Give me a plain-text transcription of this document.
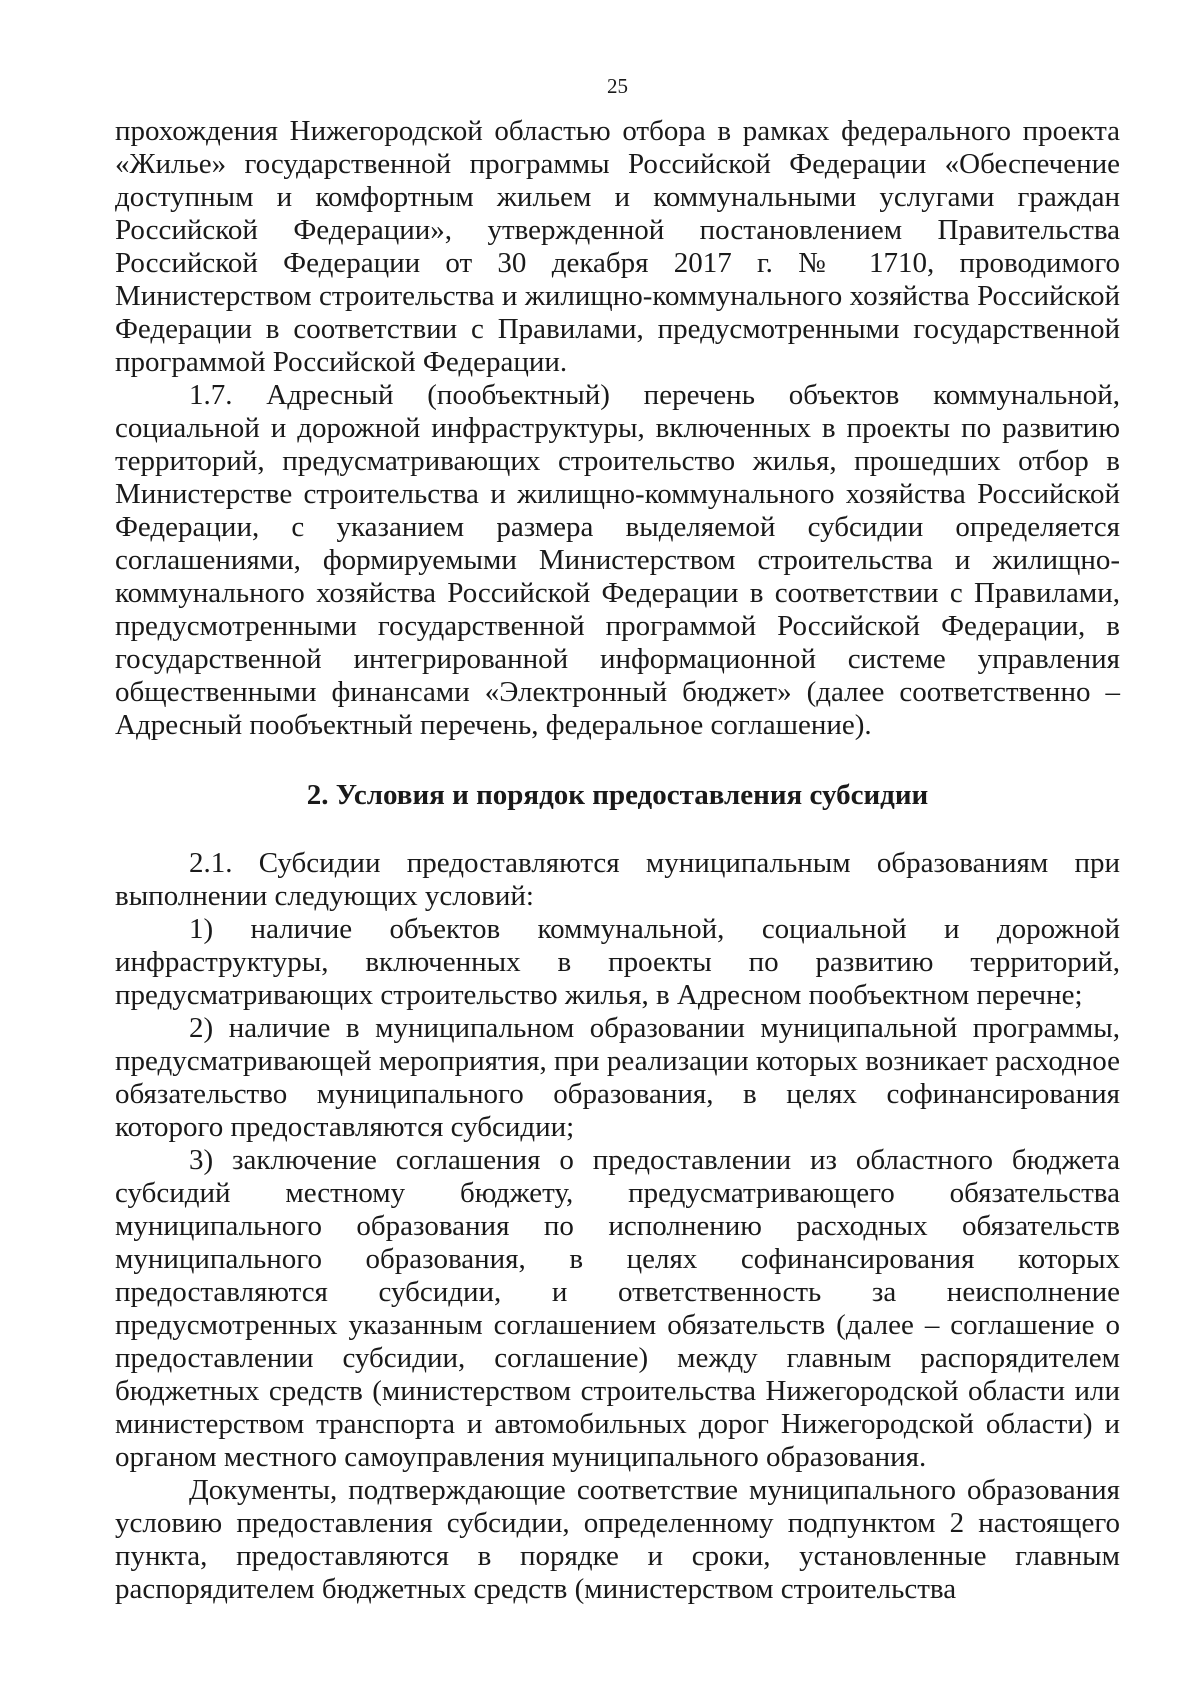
25

прохождения Нижегородской областью отбора в рамках федерального проекта «Жилье» государственной программы Российской Федерации «Обеспечение доступным и комфортным жильем и коммунальными услугами граждан Российской Федерации», утвержденной постановлением Правительства Российской Федерации от 30 декабря 2017 г. № 1710, проводимого Министерством строительства и жилищно-коммунального хозяйства Российской Федерации в соответствии с Правилами, предусмотренными государственной программой Российской Федерации.

1.7. Адресный (пообъектный) перечень объектов коммунальной, социальной и дорожной инфраструктуры, включенных в проекты по развитию территорий, предусматривающих строительство жилья, прошедших отбор в Министерстве строительства и жилищно-коммунального хозяйства Российской Федерации, с указанием размера выделяемой субсидии определяется соглашениями, формируемыми Министерством строительства и жилищно-коммунального хозяйства Российской Федерации в соответствии с Правилами, предусмотренными государственной программой Российской Федерации, в государственной интегрированной информационной системе управления общественными финансами «Электронный бюджет» (далее соответственно – Адресный пообъектный перечень, федеральное соглашение).

2. Условия и порядок предоставления субсидии

2.1. Субсидии предоставляются муниципальным образованиям при выполнении следующих условий:

1) наличие объектов коммунальной, социальной и дорожной инфраструктуры, включенных в проекты по развитию территорий, предусматривающих строительство жилья, в Адресном пообъектном перечне;

2) наличие в муниципальном образовании муниципальной программы, предусматривающей мероприятия, при реализации которых возникает расходное обязательство муниципального образования, в целях софинансирования которого предоставляются субсидии;

3) заключение соглашения о предоставлении из областного бюджета субсидий местному бюджету, предусматривающего обязательства муниципального образования по исполнению расходных обязательств муниципального образования, в целях софинансирования которых предоставляются субсидии, и ответственность за неисполнение предусмотренных указанным соглашением обязательств (далее – соглашение о предоставлении субсидии, соглашение) между главным распорядителем бюджетных средств (министерством строительства Нижегородской области или министерством транспорта и автомобильных дорог Нижегородской области) и органом местного самоуправления муниципального образования.

Документы, подтверждающие соответствие муниципального образования условию предоставления субсидии, определенному подпунктом 2 настоящего пункта, предоставляются в порядке и сроки, установленные главным распорядителем бюджетных средств (министерством строительства
